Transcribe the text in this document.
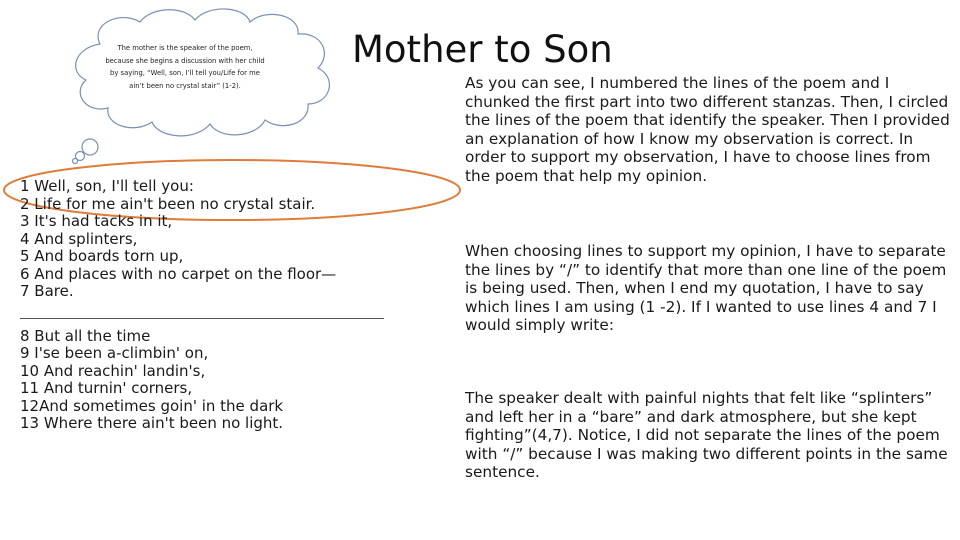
The mother is the speaker of the poem, because she begins a discussion with her child by saying, “Well, son, I’ll tell you/Life for me ain’t been no crystal stair” (1-2).
Mother to Son
1 Well, son, I'll tell you:
2 Life for me ain't been no crystal stair.
3 It's had tacks in it,
4 And splinters,
5 And boards torn up,
6 And places with no carpet on the floor—
7 Bare.
8 But all the time
9 I'se been a-climbin' on,
10 And reachin' landin's,
11 And turnin' corners,
12And sometimes goin' in the dark
13 Where there ain't been no light.
As you can see, I numbered the lines of the poem and I chunked the first part into two different stanzas. Then, I circled the lines of the poem that identify the speaker. Then I provided an explanation of how I know my observation is correct. In order to support my observation, I have to choose lines from the poem that help my opinion.
When choosing lines to support my opinion, I have to separate the lines by “/” to identify that more than one line of the poem is being used. Then, when I end my quotation, I have to say which lines I am using (1 -2). If I wanted to use lines 4 and 7 I would simply write:
The speaker dealt with painful nights that felt like “splinters” and left her in a “bare” and dark atmosphere, but she kept fighting”(4,7). Notice, I did not separate the lines of the poem with “/” because I was making two different points in the same sentence.
